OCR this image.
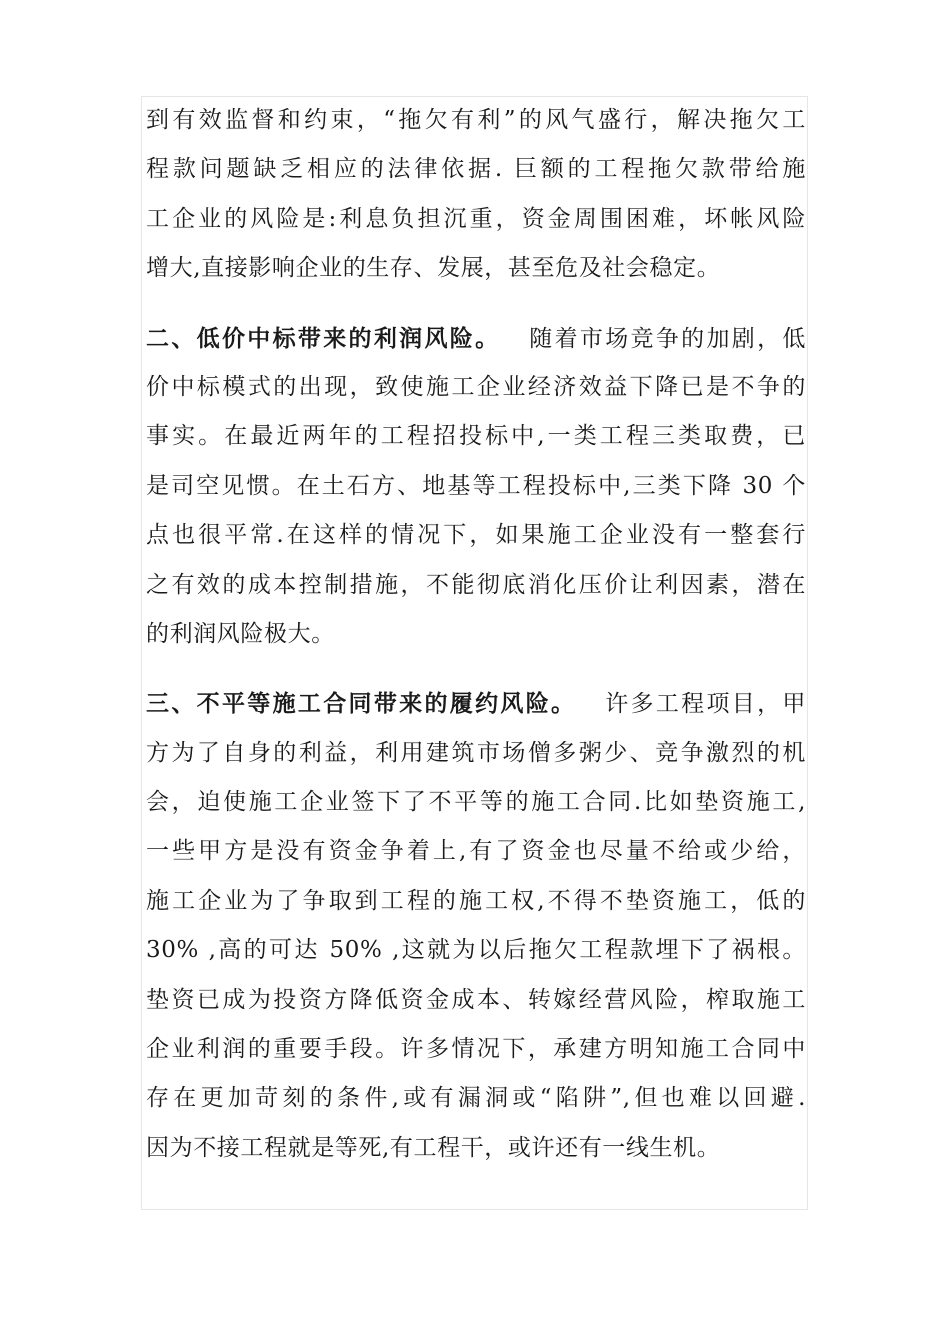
到有效监督和约束，“拖欠有利”的风气盛行，解决拖欠工
程款问题缺乏相应的法律依据. 巨额的工程拖欠款带给施
工企业的风险是:利息负担沉重，资金周围困难，坏帐风险
增大,直接影响企业的生存、发展，甚至危及社会稳定。
二、低价中标带来的利润风险。 随着市场竞争的加剧，低
价中标模式的出现，致使施工企业经济效益下降已是不争的
事实。在最近两年的工程招投标中,一类工程三类取费，已
是司空见惯。在土石方、地基等工程投标中,三类下降 30 个
点也很平常.在这样的情况下，如果施工企业没有一整套行
之有效的成本控制措施，不能彻底消化压价让利因素，潜在
的利润风险极大。
三、不平等施工合同带来的履约风险。 许多工程项目，甲
方为了自身的利益，利用建筑市场僧多粥少、竞争激烈的机
会，迫使施工企业签下了不平等的施工合同.比如垫资施工,
一些甲方是没有资金争着上,有了资金也尽量不给或少给，
施工企业为了争取到工程的施工权,不得不垫资施工，低的
30% ,高的可达 50% ,这就为以后拖欠工程款埋下了祸根。
垫资已成为投资方降低资金成本、转嫁经营风险，榨取施工
企业利润的重要手段。许多情况下，承建方明知施工合同中
存在更加苛刻的条件,或有漏洞或“陷阱”,但也难以回避.
因为不接工程就是等死,有工程干，或许还有一线生机。
